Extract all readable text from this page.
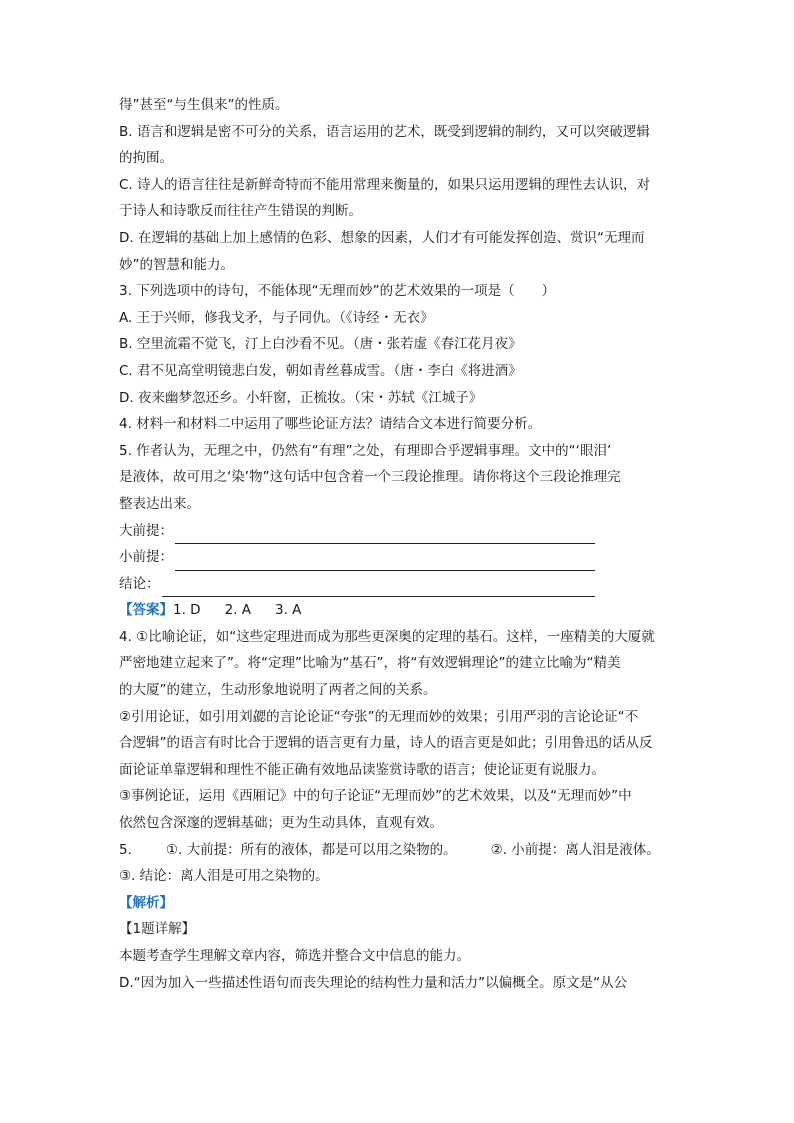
得”甚至“与生俱来”的性质。
B. 语言和逻辑是密不可分的关系，语言运用的艺术，既受到逻辑的制约，又可以突破逻辑
的拘囿。
C. 诗人的语言往往是新鲜奇特而不能用常理来衡量的，如果只运用逻辑的理性去认识，对
于诗人和诗歌反而往往产生错误的判断。
D. 在逻辑的基础上加上感情的色彩、想象的因素，人们才有可能发挥创造、赏识“无理而
妙”的智慧和能力。
3. 下列选项中的诗句，不能体现“无理而妙”的艺术效果的一项是（　　）
A. 王于兴师，修我戈矛，与子同仇。（《诗经・无衣》
B. 空里流霜不觉飞，汀上白沙看不见。（唐・张若虚《春江花月夜》
C. 君不见高堂明镜悲白发，朝如青丝暮成雪。（唐・李白《将进酒》
D. 夜来幽梦忽还乡。小轩窗，正梳妆。（宋・苏轼《江城子》
4. 材料一和材料二中运用了哪些论证方法？请结合文本进行简要分析。
5. 作者认为，无理之中，仍然有“有理”之处，有理即合乎逻辑事理。文中的“‘眼泪’
是液体，故可用之‘染’物”这句话中包含着一个三段论推理。请你将这个三段论推理完
整表达出来。
大前提：
小前提：
结论：
【答案】1. D 2. A 3. A
4. ①比喻论证，如“这些定理进而成为那些更深奥的定理的基石。这样，一座精美的大厦就
严密地建立起来了”。将“定理”比喻为“基石”，将“有效逻辑理论”的建立比喻为“精美
的大厦”的建立，生动形象地说明了两者之间的关系。
②引用论证，如引用刘勰的言论论证“夸张”的无理而妙的效果；引用严羽的言论论证“不
合逻辑”的语言有时比合于逻辑的语言更有力量，诗人的语言更是如此；引用鲁迅的话从反
面论证单靠逻辑和理性不能正确有效地品读鉴赏诗歌的语言；使论证更有说服力。
③事例论证，运用《西厢记》中的句子论证“无理而妙”的艺术效果，以及“无理而妙”中
依然包含深邃的逻辑基础；更为生动具体，直观有效。
5.	①. 大前提：所有的液体，都是可以用之染物的。	②. 小前提：离人泪是液体。
③. 结论：离人泪是可用之染物的。
【解析】
【1题详解】
本题考查学生理解文章内容，筛选并整合文中信息的能力。
D.“因为加入一些描述性语句而丧失理论的结构性力量和活力”以偏概全。原文是“从公
